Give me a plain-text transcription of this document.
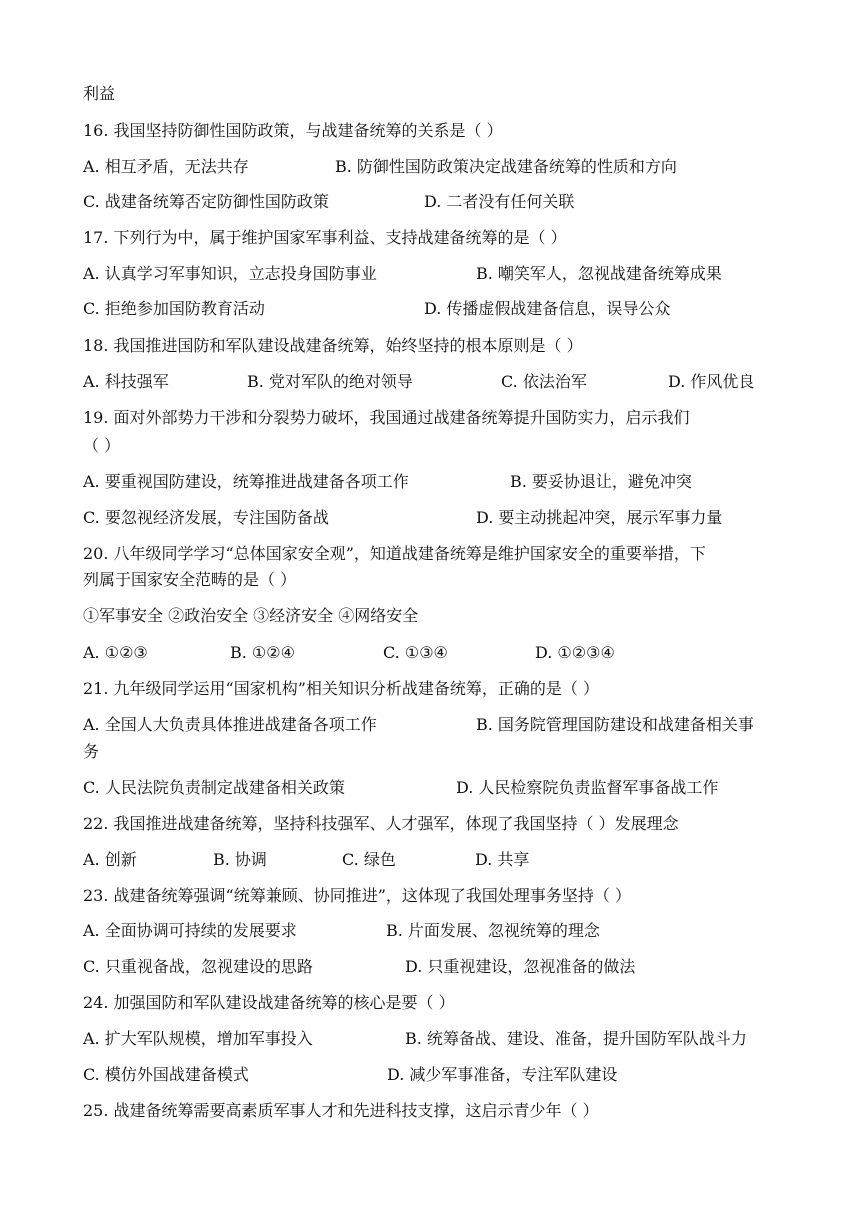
利益
16. 我国坚持防御性国防政策，与战建备统筹的关系是（ ）
A. 相互矛盾，无法共存	B. 防御性国防政策决定战建备统筹的性质和方向
C. 战建备统筹否定防御性国防政策	D. 二者没有任何关联
17. 下列行为中，属于维护国家军事利益、支持战建备统筹的是（ ）
A. 认真学习军事知识，立志投身国防事业	B. 嘲笑军人，忽视战建备统筹成果
C. 拒绝参加国防教育活动	D. 传播虚假战建备信息，误导公众
18. 我国推进国防和军队建设战建备统筹，始终坚持的根本原则是（ ）
A. 科技强军	B. 党对军队的绝对领导	C. 依法治军	D. 作风优良
19. 面对外部势力干涉和分裂势力破坏，我国通过战建备统筹提升国防实力，启示我们
（ ）
A. 要重视国防建设，统筹推进战建备各项工作	B. 要妥协退让，避免冲突
C. 要忽视经济发展，专注国防备战	D. 要主动挑起冲突，展示军事力量
20. 八年级同学学习“总体国家安全观”，知道战建备统筹是维护国家安全的重要举措，下
列属于国家安全范畴的是（ ）
①军事安全 ②政治安全 ③经济安全 ④网络安全
A. ①②③	B. ①②④	C. ①③④	D. ①②③④
21. 九年级同学运用“国家机构”相关知识分析战建备统筹，正确的是（ ）
A. 全国人大负责具体推进战建备各项工作	B. 国务院管理国防建设和战建备相关事
务
C. 人民法院负责制定战建备相关政策	D. 人民检察院负责监督军事备战工作
22. 我国推进战建备统筹，坚持科技强军、人才强军，体现了我国坚持（ ）发展理念
A. 创新	B. 协调	C. 绿色	D. 共享
23. 战建备统筹强调“统筹兼顾、协同推进”，这体现了我国处理事务坚持（ ）
A. 全面协调可持续的发展要求	B. 片面发展、忽视统筹的理念
C. 只重视备战，忽视建设的思路	D. 只重视建设，忽视准备的做法
24. 加强国防和军队建设战建备统筹的核心是要（ ）
A. 扩大军队规模，增加军事投入	B. 统筹备战、建设、准备，提升国防军队战斗力
C. 模仿外国战建备模式	D. 减少军事准备，专注军队建设
25. 战建备统筹需要高素质军事人才和先进科技支撑，这启示青少年（ ）
